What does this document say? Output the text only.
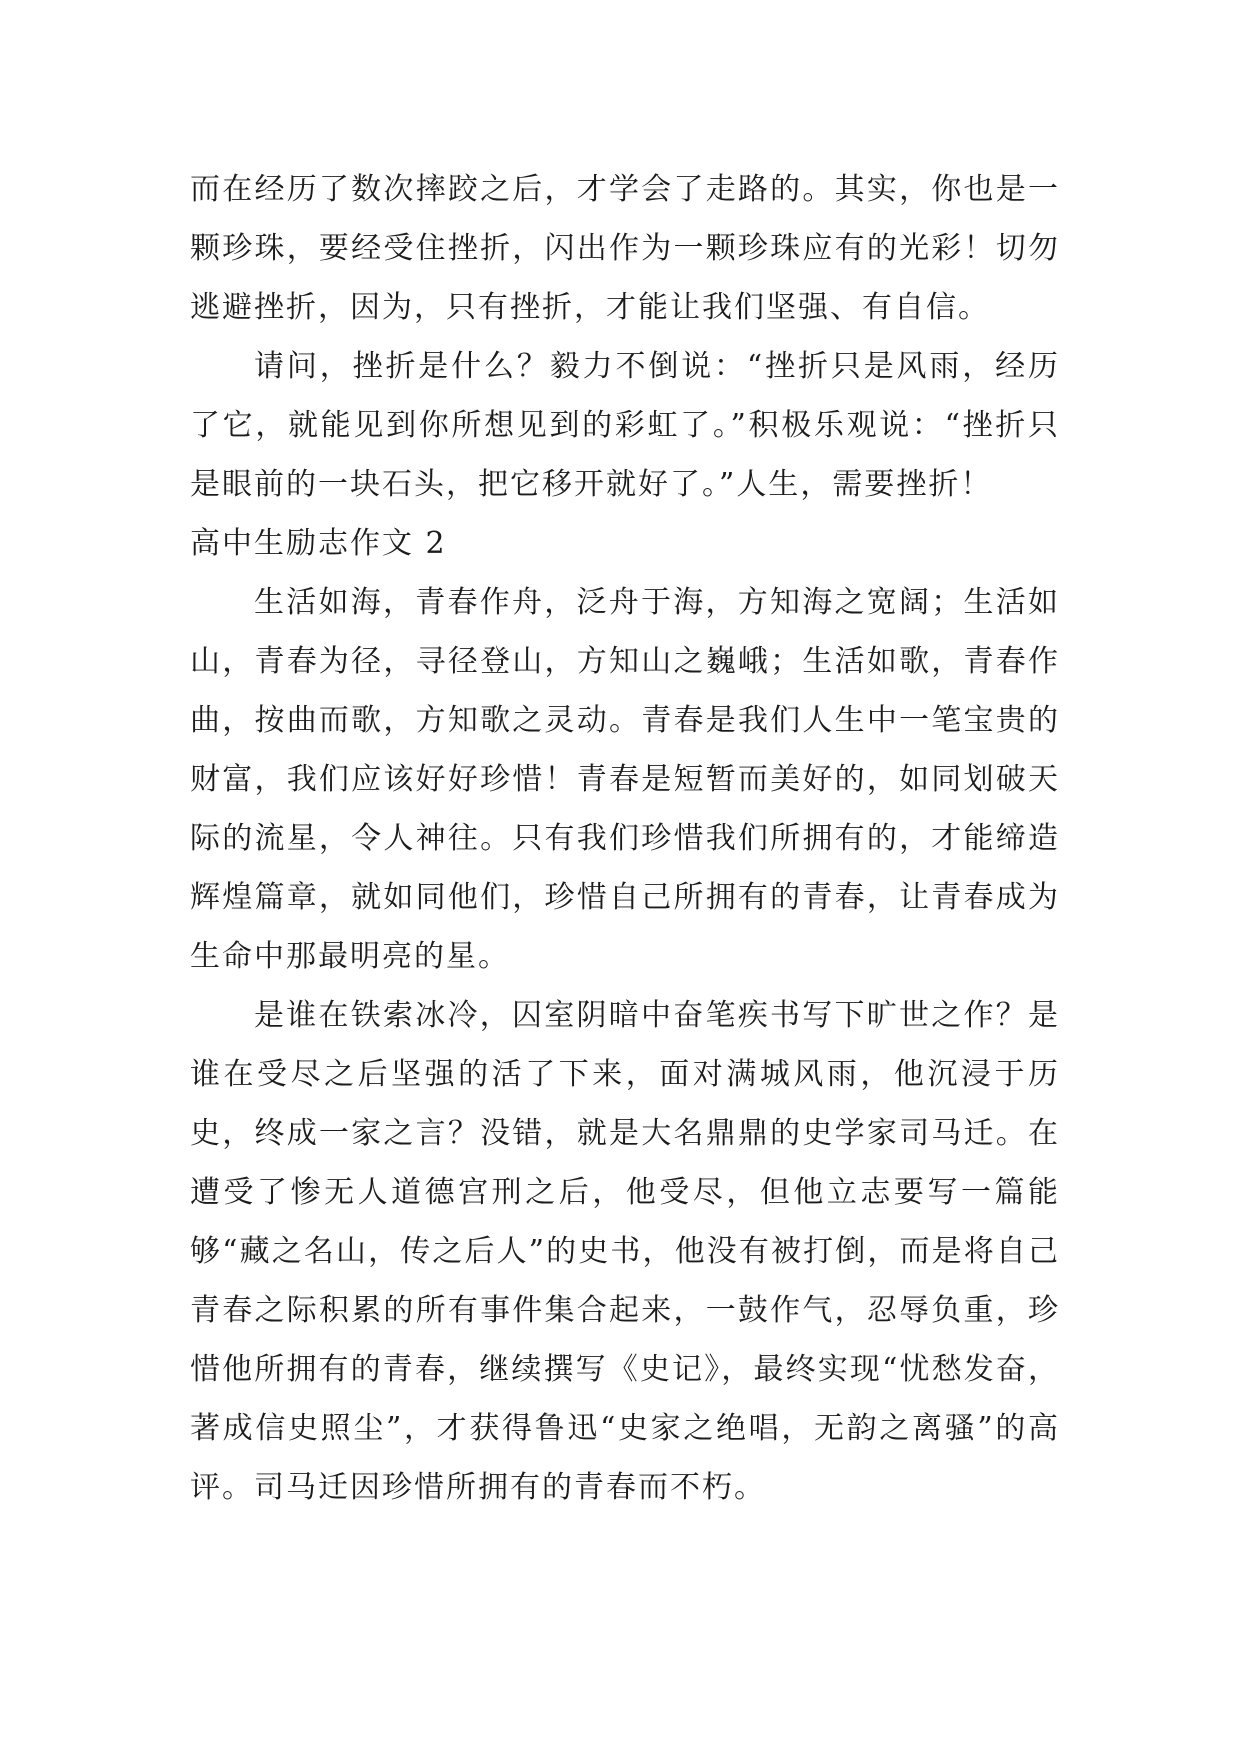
而在经历了数次摔跤之后，才学会了走路的。其实，你也是一颗珍珠，要经受住挫折，闪出作为一颗珍珠应有的光彩！切勿逃避挫折，因为，只有挫折，才能让我们坚强、有自信。

请问，挫折是什么？毅力不倒说：“挫折只是风雨，经历了它，就能见到你所想见到的彩虹了。”积极乐观说：“挫折只是眼前的一块石头，把它移开就好了。”人生，需要挫折！

高中生励志作文 2

生活如海，青春作舟，泛舟于海，方知海之宽阔；生活如山，青春为径，寻径登山，方知山之巍峨；生活如歌，青春作曲，按曲而歌，方知歌之灵动。青春是我们人生中一笔宝贵的财富，我们应该好好珍惜！青春是短暂而美好的，如同划破天际的流星，令人神往。只有我们珍惜我们所拥有的，才能缔造辉煌篇章，就如同他们，珍惜自己所拥有的青春，让青春成为生命中那最明亮的星。

是谁在铁索冰冷，囚室阴暗中奋笔疾书写下旷世之作？是谁在受尽之后坚强的活了下来，面对满城风雨，他沉浸于历史，终成一家之言？没错，就是大名鼎鼎的史学家司马迁。在遭受了惨无人道德宫刑之后，他受尽，但他立志要写一篇能够“藏之名山，传之后人”的史书，他没有被打倒，而是将自己青春之际积累的所有事件集合起来，一鼓作气，忍辱负重，珍惜他所拥有的青春，继续撰写《史记》，最终实现“忧愁发奋，著成信史照尘”，才获得鲁迅“史家之绝唱，无韵之离骚”的高评。司马迁因珍惜所拥有的青春而不朽。
